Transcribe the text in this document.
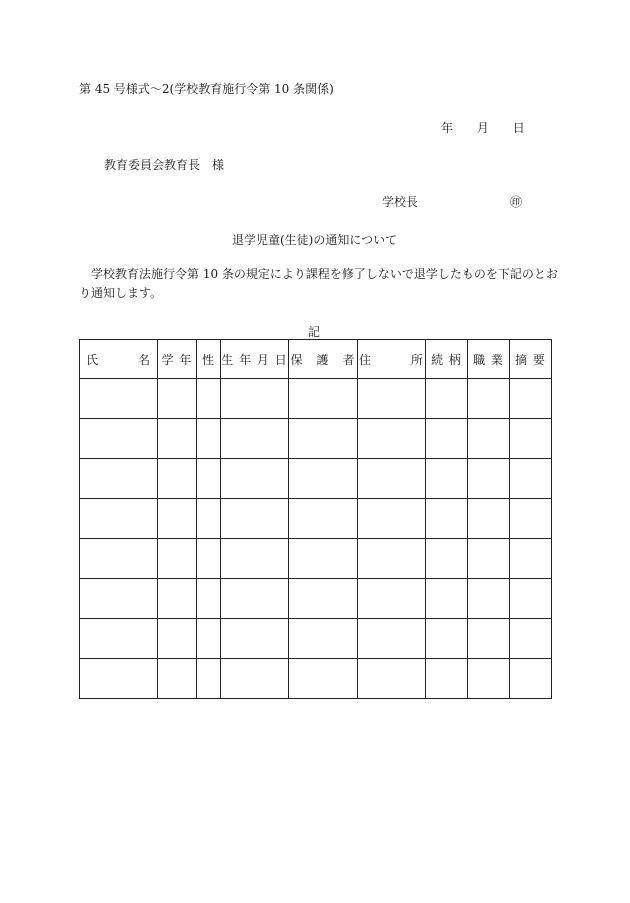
第 45 号様式～2(学校教育施行令第 10 条関係)
年 月 日
教育委員会教育長　様
学校長	㊞
退学児童(生徒)の通知について
学校教育法施行令第 10 条の規定により課程を修了しないで退学したものを下記のとおり通知します。
記
氏　　　名	学 年	性	生 年 月 日	保　護　者	住　　　所	続 柄	職 業	摘 要
